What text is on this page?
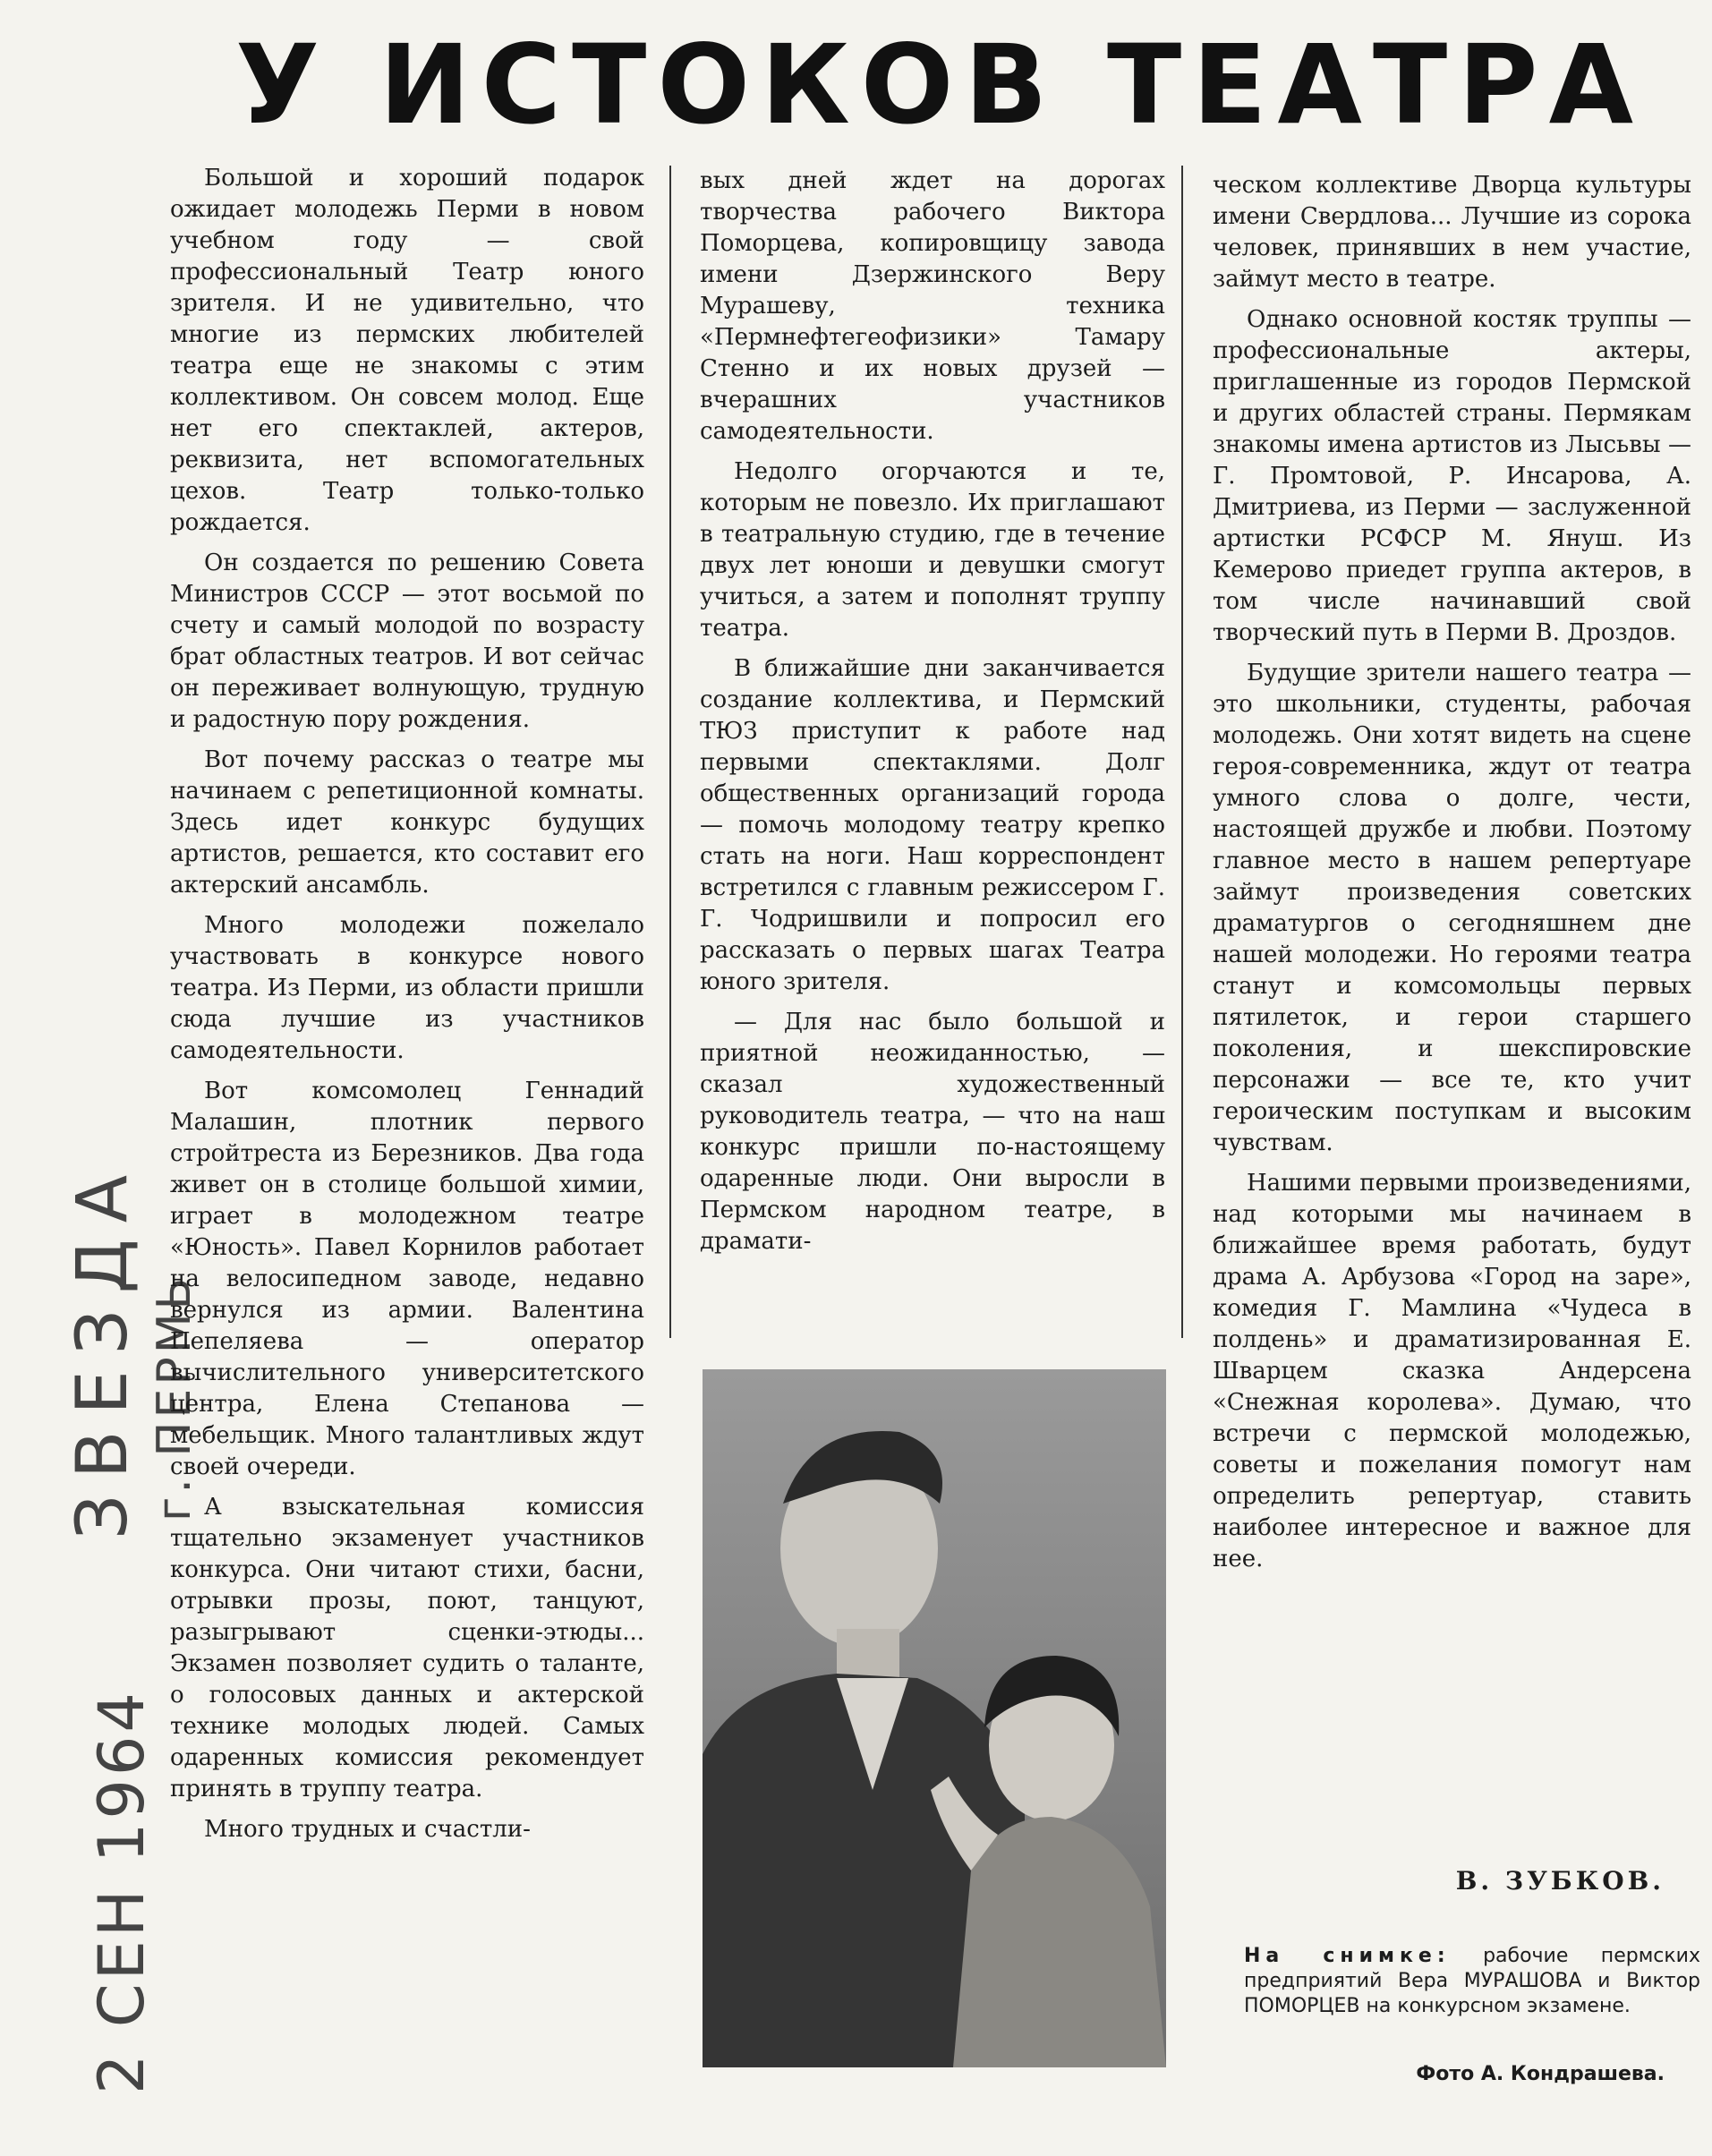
У ИСТОКОВ ТЕАТРА
ЗВЕЗДА г. ПЕРМЬ
2 СЕН 1964

Большой и хороший подарок ожидает молодежь Перми в новом учебном году — свой профессиональный Театр юного зрителя. И не удивительно, что многие из пермских любителей театра еще не знакомы с этим коллективом. Он совсем молод. Еще нет его спектаклей, актеров, реквизита, нет вспомогательных цехов. Театр только-только рождается.

Он создается по решению Совета Министров СССР — этот восьмой по счету и самый молодой по возрасту брат областных театров. И вот сейчас он переживает волнующую, трудную и радостную пору рождения.

Вот почему рассказ о театре мы начинаем с репетиционной комнаты. Здесь идет конкурс будущих артистов, решается, кто составит его актерский ансамбль.

Много молодежи пожелало участвовать в конкурсе нового театра. Из Перми, из области пришли сюда лучшие из участников самодеятельности.

Вот комсомолец Геннадий Малашин, плотник первого стройтреста из Березников. Два года живет он в столице большой химии, играет в молодежном театре «Юность». Павел Корнилов работает на велосипедном заводе, недавно вернулся из армии. Валентина Пепеляева — оператор вычислительного университетского центра, Елена Степанова — мебельщик. Много талантливых ждут своей очереди.

А взыскательная комиссия тщательно экзаменует участников конкурса. Они читают стихи, басни, отрывки прозы, поют, танцуют, разыгрывают сценки-этюды... Экзамен позволяет судить о таланте, о голосовых данных и актерской технике молодых людей. Самых одаренных комиссия рекомендует принять в труппу театра.

Много трудных и счастли-

вых дней ждет на дорогах творчества рабочего Виктора Поморцева, копировщицу завода имени Дзержинского Веру Мурашеву, техника «Пермнефтегеофизики» Тамару Стенно и их новых друзей — вчерашних участников самодеятельности.

Недолго огорчаются и те, которым не повезло. Их приглашают в театральную студию, где в течение двух лет юноши и девушки смогут учиться, а затем и пополнят труппу театра.

В ближайшие дни заканчивается создание коллектива, и Пермский ТЮЗ приступит к работе над первыми спектаклями. Долг общественных организаций города — помочь молодому театру крепко стать на ноги. Наш корреспондент встретился с главным режиссером Г. Г. Чодришвили и попросил его рассказать о первых шагах Театра юного зрителя.

— Для нас было большой и приятной неожиданностью, — сказал художественный руководитель театра, — что на наш конкурс пришли по-настоящему одаренные люди. Они выросли в Пермском народном театре, в драмати-

ческом коллективе Дворца культуры имени Свердлова... Лучшие из сорока человек, принявших в нем участие, займут место в театре.

Однако основной костяк труппы — профессиональные актеры, приглашенные из городов Пермской и других областей страны. Пермякам знакомы имена артистов из Лысьвы — Г. Промтовой, Р. Инсарова, А. Дмитриева, из Перми — заслуженной артистки РСФСР М. Януш. Из Кемерово приедет группа актеров, в том числе начинавший свой творческий путь в Перми В. Дроздов.

Будущие зрители нашего театра — это школьники, студенты, рабочая молодежь. Они хотят видеть на сцене героя-современника, ждут от театра умного слова о долге, чести, настоящей дружбе и любви. Поэтому главное место в нашем репертуаре займут произведения советских драматургов о сегодняшнем дне нашей молодежи. Но героями театра станут и комсомольцы первых пятилеток, и герои старшего поколения, и шекспировские персонажи — все те, кто учит героическим поступкам и высоким чувствам.

Нашими первыми произведениями, над которыми мы начинаем в ближайшее время работать, будут драма А. Арбузова «Город на заре», комедия Г. Мамлина «Чудеса в полдень» и драматизированная Е. Шварцем сказка Андерсена «Снежная королева». Думаю, что встречи с пермской молодежью, советы и пожелания помогут нам определить репертуар, ставить наиболее интересное и важное для нее.

В. ЗУБКОВ.
На снимке: рабочие пермских предприятий Вера МУРАШОВА и Виктор ПОМОРЦЕВ на конкурсном экзамене.
Фото А. Кондрашева.
